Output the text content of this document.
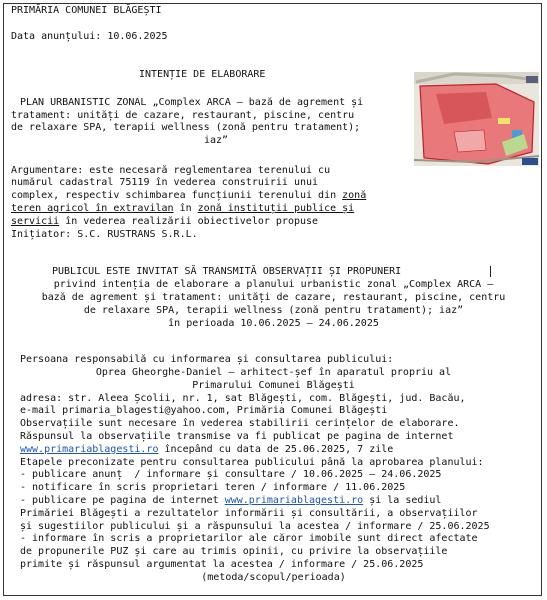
PRIMĂRIA COMUNEI BLĂGEȘTI
Data anunțului: 10.06.2025
INTENȚIE DE ELABORARE
PLAN URBANISTIC ZONAL „Complex ARCA – bază de agrement și
tratament: unități de cazare, restaurant, piscine, centru
de relaxare SPA, terapii wellness (zonă pentru tratament);
iaz”
Argumentare: este necesară reglementarea terenului cu
numărul cadastral 75119 în vederea construirii unui
complex, respectiv schimbarea funcțiunii terenului din zonă
teren agricol în extravilan în zonă instituții publice și
servicii în vederea realizării obiectivelor propuse
Inițiator: S.C. RUSTRANS S.R.L.
PUBLICUL ESTE INVITAT SĂ TRANSMITĂ OBSERVAȚII ȘI PROPUNERI
privind intenția de elaborare a planului urbanistic zonal „Complex ARCA –
bază de agrement și tratament: unități de cazare, restaurant, piscine, centru
de relaxare SPA, terapii wellness (zonă pentru tratament); iaz”
în perioada 10.06.2025 – 24.06.2025
Persoana responsabilă cu informarea și consultarea publicului:
Oprea Gheorghe-Daniel – arhitect-șef în aparatul propriu al
Primarului Comunei Blăgești
adresa: str. Aleea Școlii, nr. 1, sat Blăgești, com. Blăgești, jud. Bacău,
e-mail primaria_blagesti@yahoo.com, Primăria Comunei Blăgești
Observațiile sunt necesare în vederea stabilirii cerințelor de elaborare.
Răspunsul la observațiile transmise va fi publicat pe pagina de internet
www.primariablagesti.ro începând cu data de 25.06.2025, 7 zile
Etapele preconizate pentru consultarea publicului până la aprobarea planului:
- publicare anunț  / informare și consultare / 10.06.2025 – 24.06.2025
- notificare în scris proprietari teren / informare / 11.06.2025
- publicare pe pagina de internet www.primariablagesti.ro și la sediul
Primăriei Blăgești a rezultatelor informării și consultării, a observațiilor
și sugestiilor publicului și a răspunsului la acestea / informare / 25.06.2025
- informare în scris a proprietarilor ale căror imobile sunt direct afectate
de propunerile PUZ și care au trimis opinii, cu privire la observațiile
primite și răspunsul argumentat la acestea / informare / 25.06.2025
(metoda/scopul/perioada)
